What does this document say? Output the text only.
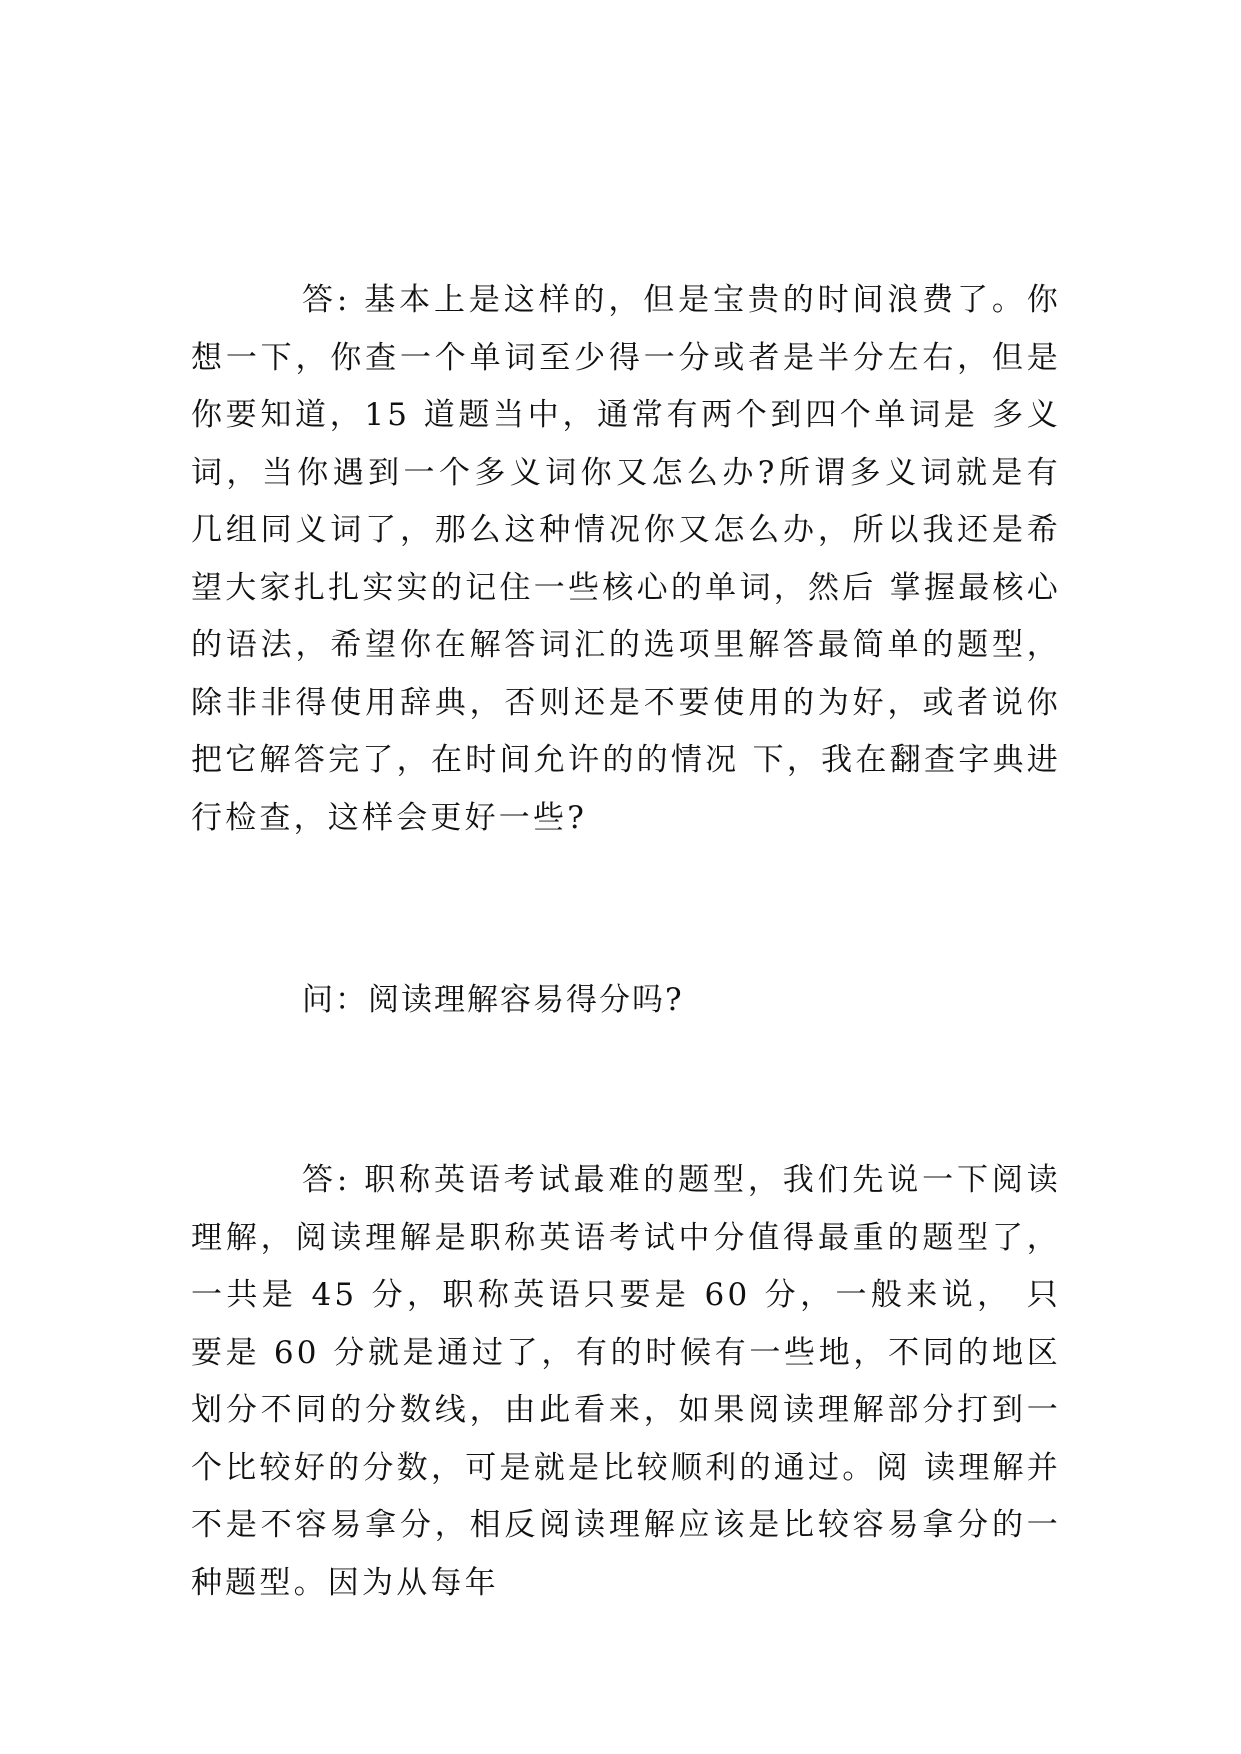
答: 基本上是这样的，但是宝贵的时间浪费了。你想一下，你查一个单词至少得一分或者是半分左右，但是你要知道，15 道题当中，通常有两个到四个单词是 多义词，当你遇到一个多义词你又怎么办?所谓多义词就是有几组同义词了，那么这种情况你又怎么办，所以我还是希望大家扎扎实实的记住一些核心的单词，然后 掌握最核心的语法，希望你在解答词汇的选项里解答最简单的题型，除非非得使用辞典，否则还是不要使用的为好，或者说你把它解答完了，在时间允许的的情况 下，我在翻查字典进行检查，这样会更好一些?

问：阅读理解容易得分吗?

答: 职称英语考试最难的题型，我们先说一下阅读理解，阅读理解是职称英语考试中分值得最重的题型了，一共是 45 分，职称英语只要是 60 分，一般来说， 只要是 60 分就是通过了，有的时候有一些地，不同的地区划分不同的分数线，由此看来，如果阅读理解部分打到一个比较好的分数，可是就是比较顺利的通过。阅 读理解并不是不容易拿分，相反阅读理解应该是比较容易拿分的一种题型。因为从每年
